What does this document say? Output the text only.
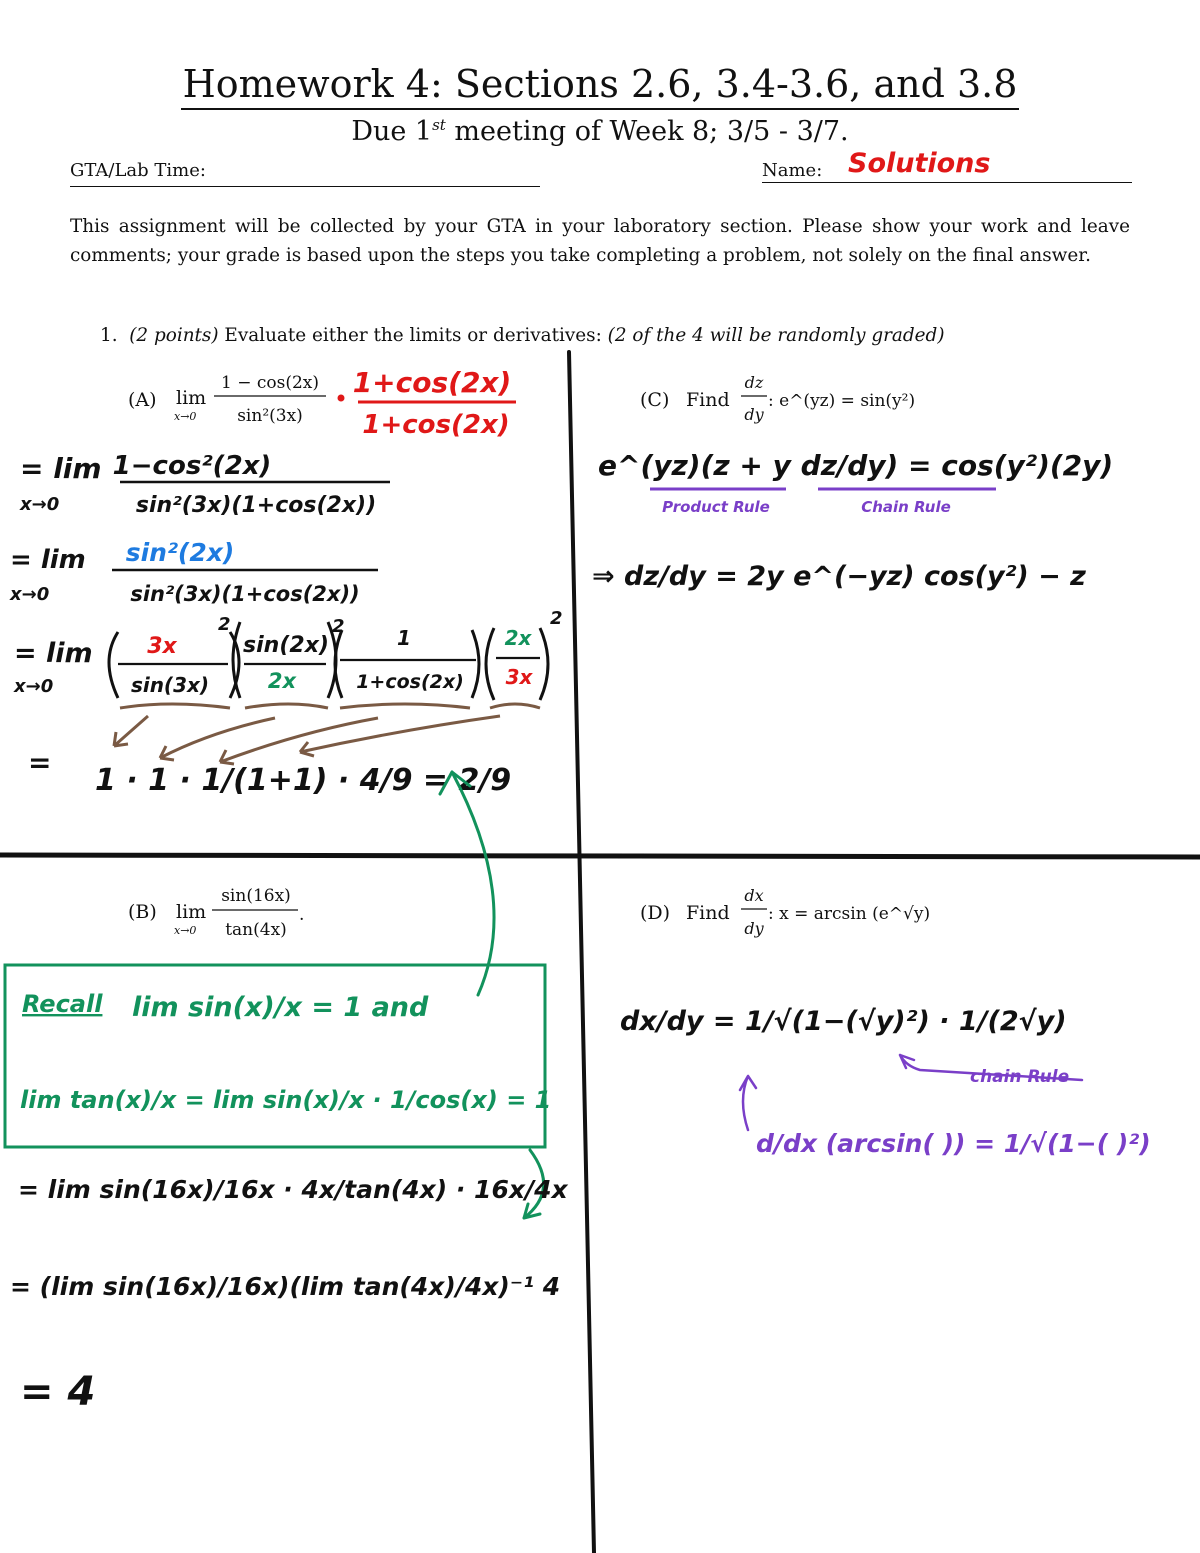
Homework 4: Sections 2.6, 3.4-3.6, and 3.8
Due 1st meeting of Week 8; 3/5 - 3/7.
GTA/Lab Time:	Name: Solutions
This assignment will be collected by your GTA in your laboratory section. Please show your work and leave comments; your grade is based upon the steps you take completing a problem, not solely on the final answer.
1. (2 points) Evaluate either the limits or derivatives: (2 of the 4 will be randomly graded)
(A) lim
x→0
1 − cos(2x)
sin²(3x)
1+cos(2x)
1+cos(2x)
= lim
x→0
1−cos²(2x)
sin²(3x)(1+cos(2x))
= lim
x→0
sin²(2x)
sin²(3x)(1+cos(2x))
= lim
x→0
3x
sin(3x)
2
sin(2x)
2x
2	1
1+cos(2x)
2x
3x
2
=
1 · 1 · 1/(1+1) · 4/9 = 2/9
(B) lim
x→0
sin(16x)
tan(4x)
.
Recall lim sin(x)/x = 1 and
lim tan(x)/x = lim sin(x)/x · 1/cos(x) = 1
= lim sin(16x)/16x · 4x/tan(4x) · 16x/4x
= (lim sin(16x)/16x)(lim tan(4x)/4x)⁻¹ 4
= 4
(C) Find
dz
dy
: e^(yz) = sin(y²)
e^(yz)(z + y dz/dy) = cos(y²)(2y)
Product Rule	Chain Rule
⇒ dz/dy = 2y e^(−yz) cos(y²) − z
(D) Find
dx
dy
: x = arcsin (e^√y)
dx/dy = 1/√(1−(√y)²) · 1/(2√y)
chain Rule
d/dx (arcsin( )) = 1/√(1−( )²)
